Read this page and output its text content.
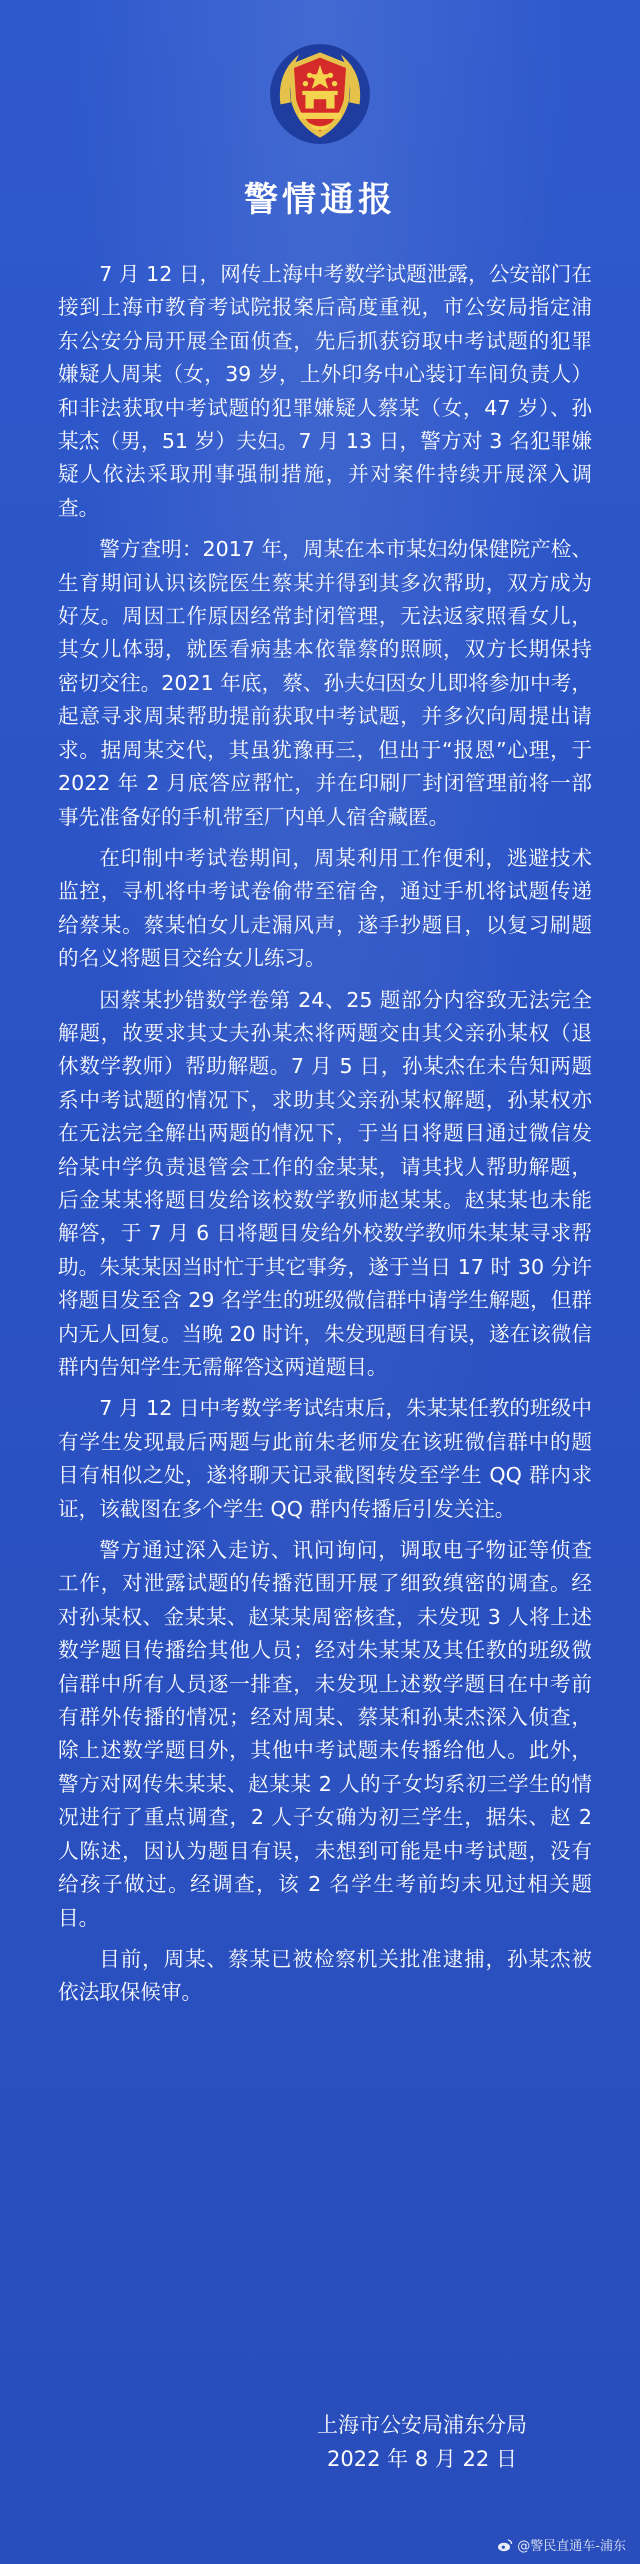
警情通报

7 月 12 日，网传上海中考数学试题泄露，公安部门在接到上海市教育考试院报案后高度重视，市公安局指定浦东公安分局开展全面侦查，先后抓获窃取中考试题的犯罪嫌疑人周某（女，39 岁，上外印务中心装订车间负责人）和非法获取中考试题的犯罪嫌疑人蔡某（女，47 岁）、孙某杰（男，51 岁）夫妇。7 月 13 日，警方对 3 名犯罪嫌疑人依法采取刑事强制措施，并对案件持续开展深入调查。

警方查明：2017 年，周某在本市某妇幼保健院产检、生育期间认识该院医生蔡某并得到其多次帮助，双方成为好友。周因工作原因经常封闭管理，无法返家照看女儿，其女儿体弱，就医看病基本依靠蔡的照顾，双方长期保持密切交往。2021 年底，蔡、孙夫妇因女儿即将参加中考，起意寻求周某帮助提前获取中考试题，并多次向周提出请求。据周某交代，其虽犹豫再三，但出于“报恩”心理，于 2022 年 2 月底答应帮忙，并在印刷厂封闭管理前将一部事先准备好的手机带至厂内单人宿舍藏匿。

在印制中考试卷期间，周某利用工作便利，逃避技术监控，寻机将中考试卷偷带至宿舍，通过手机将试题传递给蔡某。蔡某怕女儿走漏风声，遂手抄题目，以复习刷题的名义将题目交给女儿练习。

因蔡某抄错数学卷第 24、25 题部分内容致无法完全解题，故要求其丈夫孙某杰将两题交由其父亲孙某权（退休数学教师）帮助解题。7 月 5 日，孙某杰在未告知两题系中考试题的情况下，求助其父亲孙某权解题，孙某权亦在无法完全解出两题的情况下，于当日将题目通过微信发给某中学负责退管会工作的金某某，请其找人帮助解题，后金某某将题目发给该校数学教师赵某某。赵某某也未能解答，于 7 月 6 日将题目发给外校数学教师朱某某寻求帮助。朱某某因当时忙于其它事务，遂于当日 17 时 30 分许将题目发至含 29 名学生的班级微信群中请学生解题，但群内无人回复。当晚 20 时许，朱发现题目有误，遂在该微信群内告知学生无需解答这两道题目。

7 月 12 日中考数学考试结束后，朱某某任教的班级中有学生发现最后两题与此前朱老师发在该班微信群中的题目有相似之处，遂将聊天记录截图转发至学生 QQ 群内求证，该截图在多个学生 QQ 群内传播后引发关注。

警方通过深入走访、讯问询问，调取电子物证等侦查工作，对泄露试题的传播范围开展了细致缜密的调查。经对孙某权、金某某、赵某某周密核查，未发现 3 人将上述数学题目传播给其他人员；经对朱某某及其任教的班级微信群中所有人员逐一排查，未发现上述数学题目在中考前有群外传播的情况；经对周某、蔡某和孙某杰深入侦查，除上述数学题目外，其他中考试题未传播给他人。此外，警方对网传朱某某、赵某某 2 人的子女均系初三学生的情况进行了重点调查，2 人子女确为初三学生，据朱、赵 2 人陈述，因认为题目有误，未想到可能是中考试题，没有给孩子做过。经调查，该 2 名学生考前均未见过相关题目。

目前，周某、蔡某已被检察机关批准逮捕，孙某杰被依法取保候审。

上海市公安局浦东分局
2022 年 8 月 22 日
@警民直通车-浦东
